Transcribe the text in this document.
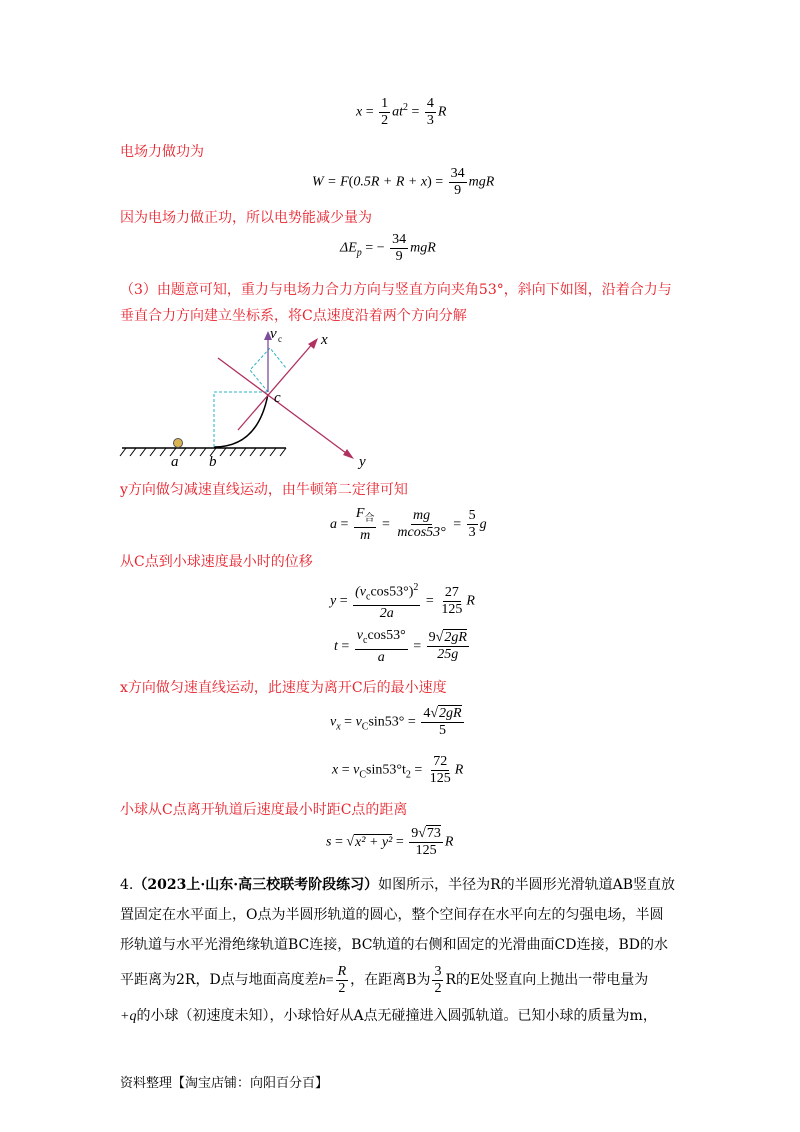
$x = \frac{1}{2} at^2 = \frac{4}{3}$ R
电场力做功为
$W = F(0.5R + R + x) = \frac{34}{9}$ mgR
因为电场力做正功，所以电势能减少量为
$\Delta E_p$ = − $\frac{34}{9}$ mgR
（3）由题意可知，重力与电场力合力方向与竖直方向夹角53°，斜向下如图，沿着合力与
垂直合力方向建立坐标系，将C点速度沿着两个方向分解
v c	x
y
c
a b
y方向做匀减速直线运动，由牛顿第二定律可知
$a = \frac{F_合}{m} = \frac{mg}{mcos53^\circ} = \frac{5}{3}$ g
从C点到小球速度最小时的位移
$y = \frac{(v_c\cos 53^\circ)^2}{2a} = \frac{27}{125}$ R
$t = \frac{v_c\cos 53^\circ}{a} = \frac{9√2gR}{25g}$
x方向做匀速直线运动，此速度为离开C后的最小速度
$v_x = v_C\sin 53^\circ = \frac{4√2gR}{5}$
$x = v_C\sin 53^\circ t_2 = \frac{72}{125}$ R
小球从C点离开轨道后速度最小时距C点的距离
$s = √x^2 + y^2 = \frac{9√73}{125}$ R
4.（2023上·山东·高三校联考阶段练习）如图所示，半径为R的半圆形光滑轨道AB竖直放
置固定在水平面上，O点为半圆形轨道的圆心，整个空间存在水平向左的匀强电场，半圆
形轨道与水平光滑绝缘轨道BC连接，BC轨道的右侧和固定的光滑曲面CD连接，BD的水
平距离为2R，D点与地面高度差$h= \frac{R}{2}$ ，在距离B为 $\frac{3}{2}$ R的E处竖直向上抛出一带电量为
+q的小球（初速度未知），小球恰好从A点无碰撞进入圆弧轨道。已知小球的质量为m，
资料整理【淘宝店铺：向阳百分百】
